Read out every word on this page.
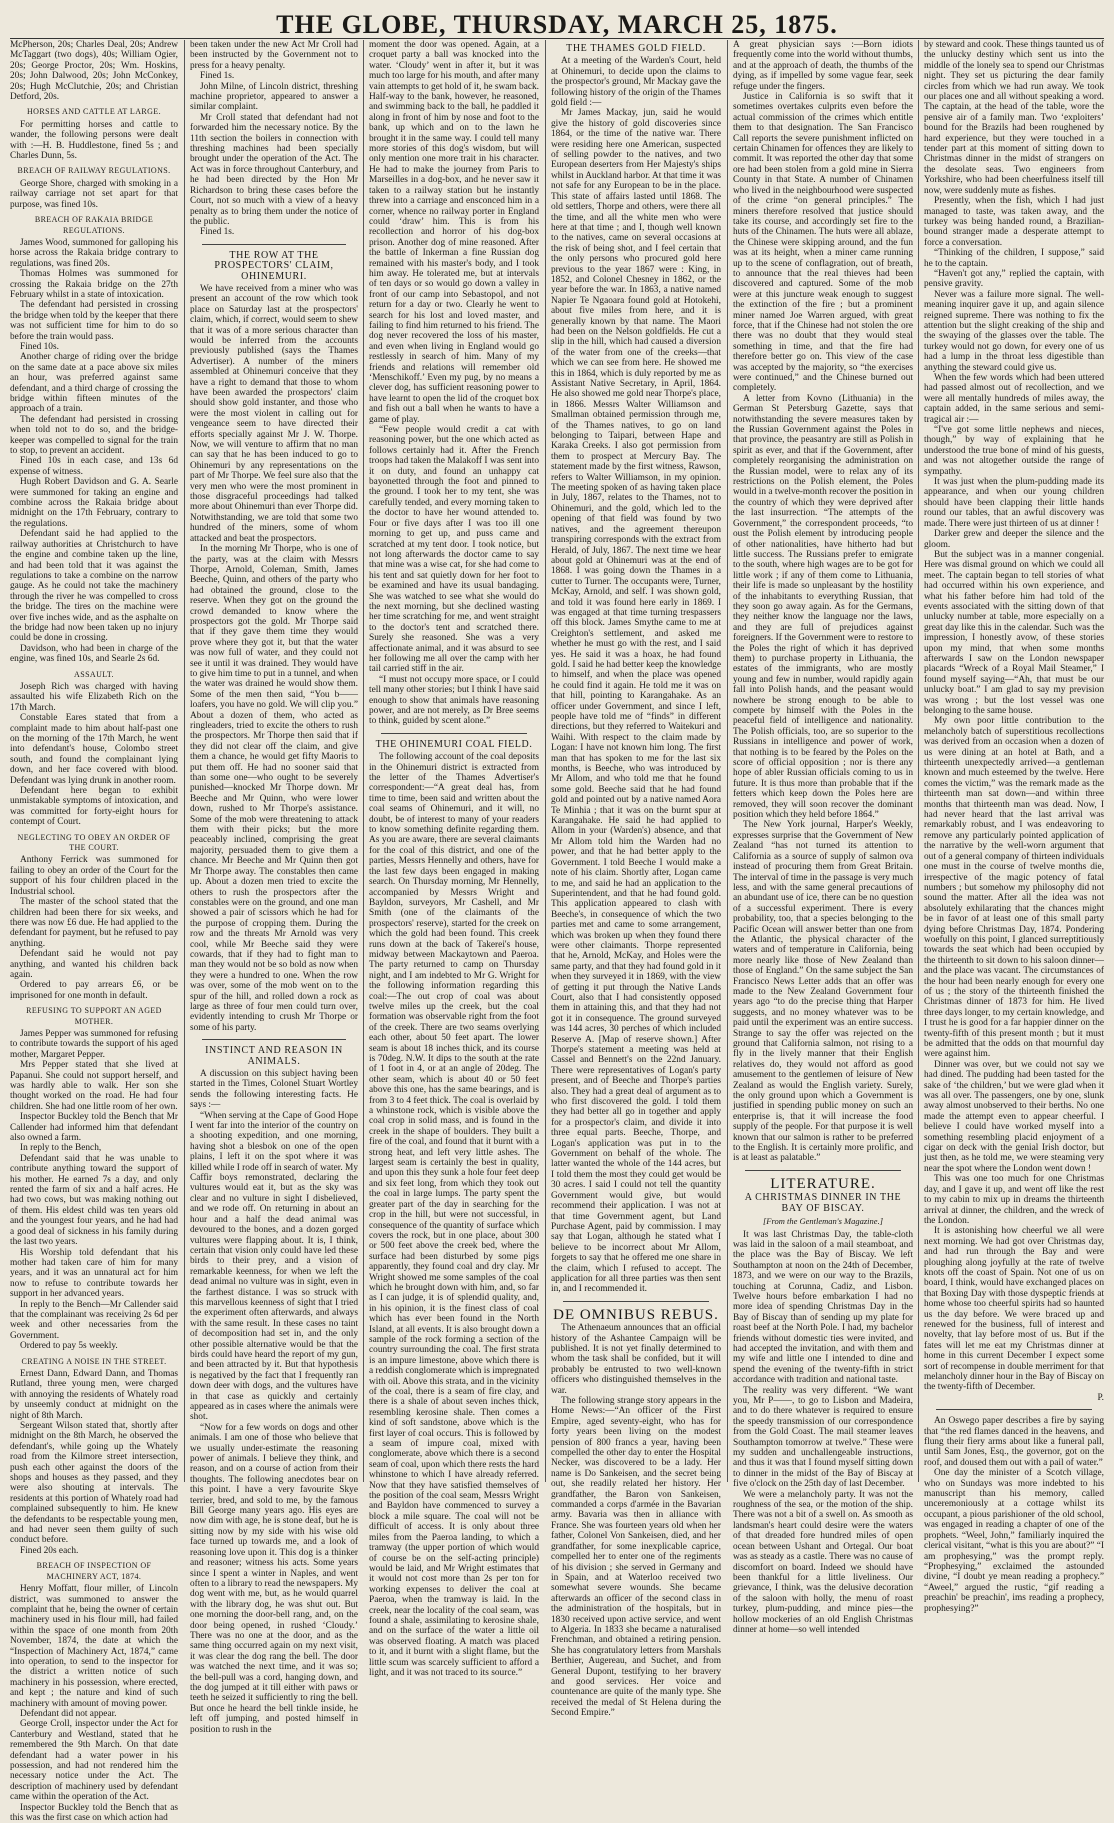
THE GLOBE, THURSDAY, MARCH 25, 1875.

McPherson, 20s; Charles Deal, 20s; Andrew McTaggart (two dogs), 40s; William Ogier, 20s; George Proctor, 20s; Wm. Hoskins, 20s; John Dalwood, 20s; John McConkey, 20s; Hugh McClutchie, 20s; and Christian Detford, 20s.

HORSES AND CATTLE AT LARGE.

For permitting horses and cattle to wander, the following persons were dealt with :—H. B. Huddlestone, fined 5s ; and Charles Dunn, 5s.

BREACH OF RAILWAY REGULATIONS.

George Shore, charged with smoking in a railway carriage not set apart for that purpose, was fined 10s.

BREACH OF RAKAIA BRIDGE REGULATIONS.

James Wood, summoned for galloping his horse across the Rakaia bridge contrary to regulations, was fined 20s.

Thomas Holmes was summoned for crossing the Rakaia bridge on the 27th February whilst in a state of intoxication.

The defendant had persisted in crossing the bridge when told by the keeper that there was not sufficient time for him to do so before the train would pass.

Fined 10s.

Another charge of riding over the bridge on the same date at a pace above six miles an hour, was preferred against same defendant, and a third charge of crossing the bridge within fifteen minutes of the approach of a train.

The defendant had persisted in crossing when told not to do so, and the bridge-keeper was compelled to signal for the train to stop, to prevent an accident.

Fined 10s in each case, and 13s 6d expense of witness.

Hugh Robert Davidson and G. A. Searle were summoned for taking an engine and combine across the Rakaia bridge about midnight on the 17th February, contrary to the regulations.

Defendant said he had applied to the railway authorities at Christchurch to have the engine and combine taken up the line, and had been told that it was against the regulations to take a combine on the narrow gauge. As he could not take the machinery through the river he was compelled to cross the bridge. The tires on the machine were over five inches wide, and as the asphalte on the bridge had now been taken up no injury could be done in crossing.

Davidson, who had been in charge of the engine, was fined 10s, and Searle 2s 6d.

ASSAULT.

Joseph Rich was charged with having assaulted his wife Elizabeth Rich on the 17th March.

Constable Eares stated that from a complaint made to him about half-past one on the morning of the 17th March, he went into defendant's house, Colombo street south, and found the complainant lying down, and her face covered with blood. Defendant was lying drunk in another room.

Defendant here began to exhibit unmistakable symptoms of intoxication, and was committed for forty-eight hours for contempt of Court.

NEGLECTING TO OBEY AN ORDER OF THE COURT.

Anthony Ferrick was summoned for failing to obey an order of the Court for the support of his four children placed in the Industrial school.

The master of the school stated that the children had been there for six weeks, and there was now £6 due. He had applied to the defendant for payment, but he refused to pay anything.

Defendant said he would not pay anything, and wanted his children back again.

Ordered to pay arrears £6, or be imprisoned for one month in default.

REFUSING TO SUPPORT AN AGED MOTHER.

James Pepper was summoned for refusing to contribute towards the support of his aged mother, Margaret Pepper.

Mrs Pepper stated that she lived at Papanui. She could not support herself, and was hardly able to walk. Her son she thought worked on the road. He had four children. She had one little room of her own.

Inspector Buckley told the Bench that Mr Callender had informed him that defendant also owned a farm.

In reply to the Bench,

Defendant said that he was unable to contribute anything toward the support of his mother. He earned 7s a day, and only rented the farm of six and a half acres. He had two cows, but was making nothing out of them. His eldest child was ten years old and the youngest four years, and he had had a good deal of sickness in his family during the last two years.

His Worship told defendant that his mother had taken care of him for many years, and it was an unnatural act for him now to refuse to contribute towards her support in her advanced years.

In reply to the Bench—Mr Callender said that the complainant was receiving 2s 6d per week and other necessaries from the Government.

Ordered to pay 5s weekly.

CREATING A NOISE IN THE STREET.

Ernest Dann, Edward Dann, and Thomas Rutland, three young men, were charged with annoying the residents of Whately road by unseemly conduct at midnight on the night of 8th March.

Sergeant Wilson stated that, shortly after midnight on the 8th March, he observed the defendant's, while going up the Whately road from the Kilmore street intersection, push each other against the doors of the shops and houses as they passed, and they were also shouting at intervals. The residents at this portion of Whately road had complained subsequently to him. He knew the defendants to be respectable young men, and had never seen them guilty of such conduct before.

Fined 20s each.

BREACH OF INSPECTION OF MACHINERY ACT, 1874.

Henry Moffatt, flour miller, of Lincoln district, was summoned to answer the complaint that he, being the owner of certain machinery used in his flour mill, had failed within the space of one month from 20th November, 1874, the date at which the “Inspection of Machinery Act, 1874,” came into operation, to send to the inspector for the district a written notice of such machinery in his possession, where erected, and kept ; the nature and kind of such machinery with amount of moving power.

Defendant did not appear.

George Croll, inspector under the Act for Canterbury and Westland, stated that he remembered the 9th March. On that date defendant had a water power in his possession, and had not rendered him the necessary notice under the Act. The description of machinery used by defendant came within the operation of the Act.

Inspector Buckley told the Bench that as this was the first case on which action had

been taken under the new Act Mr Croll had been instructed by the Government not to press for a heavy penalty.

Fined 1s.

John Milne, of Lincoln district, threshing machine proprietor, appeared to answer a similar complaint.

Mr Croll stated that defendant had not forwarded him the necessary notice. By the 11th section the boilers in connection with threshing machines had been specially brought under the operation of the Act. The Act was in force throughout Canterbury, and he had been directed by the Hon Mr Richardson to bring these cases before the Court, not so much with a view of a heavy penalty as to bring them under the notice of the public.

Fined 1s.

THE ROW AT THE PROSPECTORS' CLAIM, OHINEMURI.

We have received from a miner who was present an account of the row which took place on Saturday last at the prospectors' claim, which, if correct, would seem to shew that it was of a more serious character than would be inferred from the accounts previously published (says the Thames Advertiser). A number of the miners assembled at Ohinemuri conceive that they have a right to demand that those to whom have been awarded the prospectors' claim should show gold instanter, and those who were the most violent in calling out for vengeance seem to have directed their efforts specially against Mr J. W. Thorpe. Now, we will venture to affirm that no man can say that he has been induced to go to Ohinemuri by any representations on the part of Mr Thorpe. We feel sure also that the very men who were the most prominent in those disgraceful proceedings had talked more about Ohinemuri than ever Thorpe did. Notwithstanding, we are told that some two hundred of the miners, some of whom attacked and beat the prospectors.

In the morning Mr Thorpe, who is one of the party, was at the claim with Messrs Thorpe, Arnold, Coleman, Smith, James Beeche, Quinn, and others of the party who had obtained the ground, close to the reserve. When they got on the ground the crowd demanded to know where the prospectors got the gold. Mr Thorpe said that if they gave them time they would prove where they got it, but that the water was now full of water, and they could not see it until it was drained. They would have to give him time to put in a tunnel, and when the water was drained he would show them. Some of the men then said, “You b—— loafers, you have no gold. We will clip you.” About a dozen of them, who acted as ringleaders, tried to excite the others to rush the prospectors. Mr Thorpe then said that if they did not clear off the claim, and give them a chance, he would get fifty Maoris to put them off. He had no sooner said that than some one—who ought to be severely punished—knocked Mr Thorpe down. Mr Beeche and Mr Quinn, who were lower down, rushed to Mr Thorpe's assistance. Some of the mob were threatening to attack them with their picks; but the more peaceably inclined, comprising the great majority, persuaded them to give them a chance. Mr Beeche and Mr Quinn then got Mr Thorpe away. The constables then came up. About a dozen men tried to excite the others to rush the prospectors after the constables were on the ground, and one man showed a pair of scissors which he had for the purpose of cropping them. During the row and the threats Mr Arnold was very cool, while Mr Beeche said they were cowards, that if they had to fight man to man they would not be so bold as now when they were a hundred to one. When the row was over, some of the mob went on to the spur of the hill, and rolled down a rock as large as three of four men could turn over, evidently intending to crush Mr Thorpe or some of his party.

INSTINCT AND REASON IN ANIMALS.

A discussion on this subject having been started in the Times, Colonel Stuart Wortley sends the following interesting facts. He says :—

“When serving at the Cape of Good Hope I went far into the interior of the country on a shooting expedition, and one morning, having shot a blesbok on one of the open plains, I left it on the spot where it was killed while I rode off in search of water. My Caffir boys remonstrated, declaring the vultures would eat it, but as the sky was clear and no vulture in sight I disbelieved, and we rode off. On returning in about an hour and a half the dead animal was devoured to the bones, and a dozen gorged vultures were flapping about. It is, I think, certain that vision only could have led these birds to their prey, and a vision of remarkable keenness, for when we left the dead animal no vulture was in sight, even in the farthest distance. I was so struck with this marvellous keenness of sight that I tried the experiment often afterwards, and always with the same result. In these cases no taint of decomposition had set in, and the only other possible alternative would be that the birds could have heard the report of my gun, and been attracted by it. But that hypothesis is negatived by the fact that I frequently ran down deer with dogs, and the vultures have in that case as quickly and certainly appeared as in cases where the animals were shot.

“Now for a few words on dogs and other animals. I am one of those who believe that we usually under-estimate the reasoning power of animals. I believe they think, and reason, and on a course of action from their thoughts. The following anecdotes bear on this point. I have a very favourite Skye terrier, bred, and sold to me, by the famous Bill George many years ago. His eyes are now dim with age, he is stone deaf, but he is sitting now by my side with his wise old face turned up towards me, and a look of reasoning love upon it. This dog is a thinker and reasoner; witness his acts. Some years since I spent a winter in Naples, and went often to a library to read the newspapers. My dog went with me, but, as he would quarrel with the library dog, he was shut out. But one morning the door-bell rang, and, on the door being opened, in rushed ‘Cloudy.’ There was no one at the door, and as the same thing occurred again on my next visit, it was clear the dog rang the bell. The door was watched the next time, and it was so; the bell-pull was a cord, hanging down, and the dog jumped at it till either with paws or teeth he seized it sufficiently to ring the bell. But once he heard the bell tinkle inside, he left off jumping, and posted himself in position to rush in the

moment the door was opened. Again, at a croquet party a ball was knocked into the water. ‘Cloudy’ went in after it, but it was much too large for his mouth, and after many vain attempts to get hold of it, he swam back. Half-way to the bank, however, he reasoned, and swimming back to the ball, he paddled it along in front of him by nose and foot to the bank, up which and on to the lawn he brought it in the same way. I could tell many more stories of this dog's wisdom, but will only mention one more trait in his character. He had to make the journey from Paris to Marseilles in a dog-box, and he never saw it taken to a railway station but he instantly threw into a carriage and ensconced him in a corner, whence no railway porter in England could ‘draw’ him. This is from his recollection and horror of his dog-box prison. Another dog of mine reasoned. After the battle of Inkerman a fine Russian dog remained with his master's body, and I took him away. He tolerated me, but at intervals of ten days or so would go down a valley in front of our camp into Sebastopol, and not return for a day or two. Clearly he went to search for his lost and loved master, and failing to find him returned to his friend. The dog never recovered the loss of his master, and even when living in England would go restlessly in search of him. Many of my friends and relations will remember old ‘Menschikoff.’ Even my pug, by no means a clever dog, has sufficient reasoning power to have learnt to open the lid of the croquet box and fish out a ball when he wants to have a game of play.

“Few people would credit a cat with reasoning power, but the one which acted as follows certainly had it. After the French troops had taken the Malakoff I was sent into it on duty, and found an unhappy cat bayonetted through the foot and pinned to the ground. I took her to my tent, she was carefully tended, and every morning taken to the doctor to have her wound attended to. Four or five days after I was too ill one morning to get up, and puss came and scratched at my tent door. I took notice, but not long afterwards the doctor came to say that mine was a wise cat, for she had come to his tent and sat quietly down for her foot to be examined and have its usual bandaging. She was watched to see what she would do the next morning, but she declined wasting her time scratching for me, and went straight to the doctor's tent and scratched there. Surely she reasoned. She was a very affectionate animal, and it was absurd to see her following me all over the camp with her tail carried stiff in the air.

“I must not occupy more space, or I could tell many other stories; but I think I have said enough to show that animals have reasoning power, and are not merely, as Dr Bree seems to think, guided by scent alone.”

THE OHINEMURI COAL FIELD.

The following account of the coal deposits in the Ohinemuri district is extracted from the letter of the Thames Advertiser's correspondent:—“A great deal has, from time to time, been said and written about the coal seams of Ohinemuri, and it will, no doubt, be of interest to many of your readers to know something definite regarding them. As you are aware, there are several claimants for the coal of this district, and one of the parties, Messrs Hennelly and others, have for the last few days been engaged in making search. On Thursday morning, Mr Hennelly, accompanied by Messrs Wright and Bayldon, surveyors, Mr Cashell, and Mr Smith (one of the claimants of the prospectors' reserve), started for the creek on which the gold had been found. This creek runs down at the back of Takerei's house, midway between Mackaytown and Paeroa. The party returned to camp on Thursday night, and I am indebted to Mr G. Wright for the following information regarding this coal:—The out crop of coal was about twelve miles up the creek, but the coal formation was observable right from the foot of the creek. There are two seams overlying each other, about 50 feet apart. The lower seam is about 18 inches thick, and its course is 70deg. N.W. It dips to the south at the rate of 1 foot in 4, or at an angle of 20deg. The other seam, which is about 40 or 50 feet above this one, has the same bearings, and is from 3 to 4 feet thick. The coal is overlaid by a whinstone rock, which is visible above the coal crop in solid mass, and is found in the creek in the shape of boulders. They built a fire of the coal, and found that it burnt with a strong heat, and left very little ashes. The largest seam is certainly the best in quality, and upon this they sunk a hole four feet deep and six feet long, from which they took out the coal in large lumps. The party spent the greater part of the day in searching for the crop in the hill, but were not successful, in consequence of the quantity of surface which covers the rock, but in one place, about 300 or 500 feet above the creek bed, where the surface had been disturbed by some pigs apparently, they found coal and dry clay. Mr Wright showed me some samples of the coal which he brought down with him, and, so far as I can judge, it is of splendid quality, and, in his opinion, it is the finest class of coal which has ever been found in the North Island, at all events. It is also brought down a sample of the rock forming a section of the country surrounding the coal. The first strata is an impure limestone, above which there is a reddish conglomerate which is impregnated with oil. Above this strata, and in the vicinity of the coal, there is a seam of fire clay, and there is a shale of about seven inches thick, resembling kerosine shale. Then comes a kind of soft sandstone, above which is the first layer of coal occurs. This is followed by a seam of impure coal, mixed with conglomerate, above which there is a second seam of coal, upon which there rests the hard whinstone to which I have already referred. Now that they have satisfied themselves of the position of the coal seam, Messrs Wright and Bayldon have commenced to survey a block a mile square. The coal will not be difficult of access. It is only about three miles from the Paeroa landing, to which a tramway (the upper portion of which would of course be on the self-acting principle) would be laid, and Mr Wright estimates that it would not cost more than 2s per ton for working expenses to deliver the coal at Paeroa, when the tramway is laid. In the creek, near the locality of the coal seam, was found a shale, assimilating to kerosine shale, and on the surface of the water a little oil was observed floating. A match was placed to it, and it burnt with a slight flame, but the little scum was scarcely sufficient to afford a light, and it was not traced to its source.”

THE THAMES GOLD FIELD.

At a meeting of the Warden's Court, held at Ohinemuri, to decide upon the claims to the prospector's ground, Mr Mackay gave the following history of the origin of the Thames gold field :—

Mr James Mackay, jun, said he would give the history of gold discoveries since 1864, or the time of the native war. There were residing here one American, suspected of selling powder to the natives, and two European deserters from Her Majesty's ships whilst in Auckland harbor. At that time it was not safe for any European to be in the place. This state of affairs lasted until 1868. The old settlers, Thorpe and others, were there all the time, and all the white men who were here at that time ; and I, though well known to the natives, came on several occasions at the risk of being shot, and I feel certain that the only persons who procured gold here previous to the year 1867 were : King, in 1852, and Colonel Chesney in 1862, or the year before the war. In 1863, a native named Napier Te Ngaoara found gold at Hotokehi, about five miles from here, and it is generally known by that name. The Maori had been on the Nelson goldfields. He cut a slip in the hill, which had caused a diversion of the water from one of the creeks—that which we can see from here. He showed me this in 1864, which is duly reported by me as Assistant Native Secretary, in April, 1864. He also showed me gold near Thorpe's place, in 1866. Messrs Walter Williamson and Smallman obtained permission through me, of the Thames natives, to go on land belonging to Taipari, between Hape and Karaka Creeks. I also got permission from them to prospect at Mercury Bay. The statement made by the first witness, Rawson, refers to Walter Williamson, in my opinion. The meeting spoken of as having taken place in July, 1867, relates to the Thames, not to Ohinemuri, and the gold, which led to the opening of that field was found by two natives, and the agreement thereupon transpiring corresponds with the extract from Herald, of July, 1867. The next time we hear about gold at Ohinemuri was at the end of 1868. I was going down the Thames in a cutter to Turner. The occupants were, Turner, McKay, Arnold, and self. I was shown gold, and told it was found here early in 1869. I was engaged at that time turning trespassers off this block. James Smythe came to me at Creighton's settlement, and asked me whether he must go with the rest, and I said yes. He said it was a hoax, he had found gold. I said he had better keep the knowledge to himself, and when the place was opened he could find it again. He told me it was on that hill, pointing to Karangahake. As an officer under Government, and since I left, people have told me of “finds” in different directions, but they referred to Waitekuri and Waihi. With respect to the claim made by Logan: I have not known him long. The first man that has spoken to me for the last six months, is Beeche, who was introduced by Mr Allom, and who told me that he found some gold. Beeche said that he had found gold and pointed out by a native named Aora Te Minhia ; that it was on the burnt spur at Karangahake. He said he had applied to Allom in your (Warden's) absence, and that Mr Allom told him the Warden had no power, and that he had better apply to the Government. I told Beeche I would make a note of his claim. Shortly after, Logan came to me, and said he had an application to the Superintendent, and that he had found gold. This application appeared to clash with Beeche's, in consequence of which the two parties met and came to some arrangement, which was broken up when they found there were other claimants. Thorpe represented that he, Arnold, McKay, and Holes were the same party, and that they had found gold in it when they surveyed it in 1869, with the view of getting it put through the Native Lands Court, also that I had consistently opposed them in attaining this, and that they had not got it in consequence. The ground surveyed was 144 acres, 30 perches of which included Reserve A. [Map of reserve shown.] After Thorpe's statement a meeting was held at Cassel and Bennett's on the 22nd January. There were representatives of Logan's party present, and of Beeche and Thorpe's parties also. They had a great deal of argument as to who first discovered the gold. I told them they had better all go in together and apply for a prospector's claim, and divide it into three equal parts. Beeche, Thorpe, and Logan's application was put in to the Government on behalf of the whole. The latter wanted the whole of the 144 acres, but I told them the most they could get would be 30 acres. I said I could not tell the quantity Government would give, but would recommend their application. I was not at that time Government agent, but Land Purchase Agent, paid by commission. I may say that Logan, although he stated what I believe to be incorrect about Mr Allom, forgets to say that he offered me one share in the claim, which I refused to accept. The application for all three parties was then sent in, and I recommended it.

DE OMNIBUS REBUS.

The Athenaeum announces that an official history of the Ashantee Campaign will be published. It is not yet finally determined to whom the task shall be confided, but it will probably be entrusted to two well-known officers who distinguished themselves in the war.

The following strange story appears in the Home News:—“An officer of the First Empire, aged seventy-eight, who has for forty years been living on the modest pension of 800 francs a year, having been compelled the other day to enter the Hospital Necker, was discovered to be a lady. Her name is Do Sankeisen, and the secret being out, she readily related her history. Her grandfather, the Baron von Sankeisen, commanded a corps d'armée in the Bavarian army. Bavaria was then in alliance with France. She was fourteen years old when her father, Colonel Von Sankeisen, died, and her grandfather, for some inexplicable caprice, compelled her to enter one of the regiments of his division ; she served in Germany and in Spain, and at Waterloo received two somewhat severe wounds. She became afterwards an officer of the second class in the administration of the hospitals, but in 1830 received upon active service, and went to Algeria. In 1833 she became a naturalised Frenchman, and obtained a retiring pension. She has congratulatory letters from Marshals Berthier, Augereau, and Suchet, and from General Dupont, testifying to her bravery and good services. Her voice and countenance are quite of the manly type. She received the medal of St Helena during the Second Empire.”

A great physician says :—Born idiots frequently come into the world without thumbs, and at the approach of death, the thumbs of the dying, as if impelled by some vague fear, seek refuge under the fingers.

Justice in California is so swift that it sometimes overtakes culprits even before the actual commission of the crimes which entitle them to that designation. The San Francisco Call reports the severe punishment inflicted on certain Chinamen for offences they are likely to commit. It was reported the other day that some ore had been stolen from a gold mine in Sierra County in that State. A number of Chinamen who lived in the neighbourhood were suspected of the crime “on general principles.” The miners therefore resolved that justice should take its course, and accordingly set fire to the huts of the Chinamen. The huts were all ablaze, the Chinese were skipping around, and the fun was at its height, when a miner came running up to the scene of conflagration, out of breath, to announce that the real thieves had been discovered and captured. Some of the mob were at this juncture weak enough to suggest the extinction of the fire ; but a prominent miner named Joe Warren argued, with great force, that if the Chinese had not stolen the ore there was no doubt that they would steal something in time, and that the fire had therefore better go on. This view of the case was accepted by the majority, so “the exercises were continued,” and the Chinese burned out completely.

A letter from Kovno (Lithuania) in the German St Petersburg Gazette, says that notwithstanding the severe measures taken by the Russian Government against the Poles in that province, the peasantry are still as Polish in spirit as ever, and that if the Government, after completely reorganising the administration on the Russian model, were to relax any of its restrictions on the Polish element, the Poles would in a twelve-month recover the position in the country of which they were deprived after the last insurrection. “The attempts of the Government,” the correspondent proceeds, “to oust the Polish element by introducing people of other nationalities, have hitherto had but little success. The Russians prefer to emigrate to the south, where high wages are to be got for little work ; if any of them come to Lithuania, their life is made so unpleasant by the hostility of the inhabitants to everything Russian, that they soon go away again. As for the Germans, they neither know the language nor the laws, and they are full of prejudices against foreigners. If the Government were to restore to the Poles the right of which it has deprived them) to purchase property in Lithuania, the estates of the immigrants, who are mostly young and few in number, would rapidly again fall into Polish hands, and the peasant would nowhere be strong enough to be able to compete by himself with the Poles in the peaceful field of intelligence and nationality. The Polish officials, too, are so superior to the Russians in intelligence and power of work, that nothing is to be feared by the Poles on the score of official opposition ; nor is there any hope of abler Russian officials coming to us in future. It is thus more than probable that if the fetters which keep down the Poles here are removed, they will soon recover the dominant position which they held before 1864.”

The New York journal, Harper's Weekly, expresses surprise that the Government of New Zealand “has not turned its attention to California as a source of supply of salmon ova instead of procuring them from Great Britain. The interval of time in the passage is very much less, and with the same general precautions of an abundant use of ice, there can be no question of a successful experiment. There is every probability, too, that a species belonging to the Pacific Ocean will answer better than one from the Atlantic, the physical character of the waters and of temperature in California, being more nearly like those of New Zealand than those of England.” On the same subject the San Francisco News Letter adds that an offer was made to the New Zealand Government four years ago “to do the precise thing that Harper suggests, and no money whatever was to be paid until the experiment was an entire success. Strange to say the offer was rejected on the ground that California salmon, not rising to a fly in the lively manner that their English relatives do, they would not afford as good amusement to the gentlemen of leisure of New Zealand as would the English variety. Surely, the only ground upon which a Government is justified in spending public money on such an enterprise is, that it will increase the food supply of the people. For that purpose it is well known that our salmon is rather to be preferred to the English. It is certainly more prolific, and is at least as palatable.”

LITERATURE.
A CHRISTMAS DINNER IN THE BAY OF BISCAY.

[From the Gentleman's Magazine.]

It was last Christmas Day, the table-cloth was laid in the saloon of a mail steamboat, and the place was the Bay of Biscay. We left Southampton at noon on the 24th of December, 1873, and we were on our way to the Brazils, touching at Corunna, Cadiz, and Lisbon. Twelve hours before embarkation I had no more idea of spending Christmas Day in the Bay of Biscay than of sending up my plate for roast beef at the North Pole. I had, my bachelor friends without domestic ties were invited, and had accepted the invitation, and with them and my wife and little one I intended to dine and spend the evening of the twenty-fifth in strict accordance with tradition and national taste.

The reality was very different. “We want you, Mr P——, to go to Lisbon and Madeira, and to do there whatever is required to ensure the speedy transmission of our correspondence from the Gold Coast. The mail steamer leaves Southampton tomorrow at twelve.” These were my sudden and unchallengeable instructions, and thus it was that I found myself sitting down to dinner in the midst of the Bay of Biscay at five o'clock on the 25th day of last December.

We were a melancholy party. It was not the roughness of the sea, or the motion of the ship. There was not a bit of a swell on. As smooth as landsman's heart could desire were the waters of that dreaded fore hundred miles of open ocean between Ushant and Ortegal. Our boat was as steady as a castle. There was no cause of discomfort on board. Indeed we should have been thankful for a little liveliness. Our grievance, I think, was the delusive decoration of the saloon with holly, the menu of roast turkey, plum-pudding, and mince pies—the hollow mockeries of an old English Christmas dinner at home—so well intended

by steward and cook. These things taunted us of the unlucky destiny which sent us into the middle of the lonely sea to spend our Christmas night. They set us picturing the dear family circles from which we had run away. We took our places one and all without speaking a word. The captain, at the head of the table, wore the pensive air of a family man. Two ‘exploiters’ bound for the Brazils had been roughened by hard experience, but they were touched in a tender part at this moment of sitting down to Christmas dinner in the midst of strangers on the desolate seas. Two engineers from Yorkshire, who had been cheerfulness itself till now, were suddenly mute as fishes.

Presently, when the fish, which I had just managed to taste, was taken away, and the turkey was being handed round, a Brazilian-bound stranger made a desperate attempt to force a conversation.

“Thinking of the children, I suppose,” said he to the captain.

“Haven't got any,” replied the captain, with pensive gravity.

Never was a failure more signal. The well-meaning inquirer gave it up, and again silence reigned supreme. There was nothing to fix the attention but the slight creaking of the ship and the swaying of the glasses over the table. The turkey would not go down, for every one of us had a lump in the throat less digestible than anything the steward could give us.

When the few words which had been uttered had passed almost out of recollection, and we were all mentally hundreds of miles away, the captain added, in the same serious and semi-tragical air :—

“I've got some little nephews and nieces, though,” by way of explaining that he understood the true bone of mind of his guests, and was not altogether outside the range of sympathy.

It was just when the plum-pudding made its appearance, and when our young children should have been clapping their little hands round our tables, that an awful discovery was made. There were just thirteen of us at dinner !

Darker grew and deeper the silence and the gloom.

But the subject was in a manner congenial. Here was dismal ground on which we could all meet. The captain began to tell stories of what had occurred within his own experience, and what his father before him had told of the events associated with the sitting down of that unlucky number at table, more especially on a great day like this in the calendar. Such was the impression, I honestly avow, of these stories upon my mind, that when some months afterwards I saw on the London newspaper placards “Wreck of a Royal Mail Steamer,” I found myself saying—“Ah, that must be our unlucky boat.” I am glad to say my prevision was wrong ; but the lost vessel was one belonging to the same house.

My own poor little contribution to the melancholy batch of superstitious recollections was derived from an occasion when a dozen of us were dining at an hotel at Bath, and a thirteenth unexpectedly arrived—a gentleman known and much esteemed by the twelve. Here comes the victim,” was the remark made as the thirteenth man sat down—and within three months that thirteenth man was dead. Now, I had never heard that the last arrival was remarkably robust, and I was endeavoring to remove any particularly pointed application of the narrative by the well-worn argument that out of a general company of thirteen individuals one must in the course of twelve months die, irrespective of the magic potency of fatal numbers ; but somehow my philosophy did not sound the matter. After all the idea was not absolutely exhilarating that the chances might be in favor of at least one of this small party dying before Christmas Day, 1874. Pondering woefully on this point, I glanced surreptitiously towards the seat which had been occupied by the thirteenth to sit down to his saloon dinner—and the place was vacant. The circumstances of the hour had been nearly enough for every one of us ; the story of the thirteenth finished the Christmas dinner of 1873 for him. He lived three days longer, to my certain knowledge, and I trust he is good for a far happier dinner on the twenty-fifth of this present month ; but it must be admitted that the odds on that mournful day were against him.

Dinner was over, but we could not say we had dined. The pudding had been tasted for the sake of ‘the children,’ but we were glad when it was all over. The passengers, one by one, slunk away almost unobserved to their berths. No one made the attempt even to appear cheerful. I believe I could have worked myself into a something resembling placid enjoyment of a cigar on deck with the genial Irish doctor, but just then, as he told me, we were steaming very near the spot where the London went down !

This was one too much for one Christmas day, and I gave it up, and went off like the rest to my cabin to mix up in dreams the thirteenth arrival at dinner, the children, and the wreck of the London.

It is astonishing how cheerful we all were next morning. We had got over Christmas day, and had run through the Bay and were ploughing along joyfully at the rate of twelve knots off the coast of Spain. Not one of us on board, I think, would have exchanged places on that Boxing Day with those dyspeptic friends at home whose too cheerful spirits had so haunted us the day before. We were braced up and renewed for the business, full of interest and novelty, that lay before most of us. But if the fates will let me eat my Christmas dinner at home in this current December I expect some sort of recompense in double merriment for that melancholy dinner hour in the Bay of Biscay on the twenty-fifth of December.

P.

An Oswego paper describes a fire by saying that “the red flames danced in the heavens, and flung their fiery arms about like a funeral pall, until Sam Jones, Esq., the governor, got on the roof, and doused them out with a pail of water.”

One day the minister of a Scotch village, who on Sundays was more indebted to his manuscript than his memory, called unceremoniously at a cottage whilst its occupant, a pious parishioner of the old school, was engaged in reading a chapter of one of the prophets. “Weel, John,” familiarly inquired the clerical visitant, “what is this you are about?” “I am prophesying,” was the prompt reply. “Prophesying,” exclaimed the astounded divine, “I doubt ye mean reading a prophecy.” “Aweel,” argued the rustic, “gif reading a preachin' be preachin', ims reading a prophecy, prophesying?”
